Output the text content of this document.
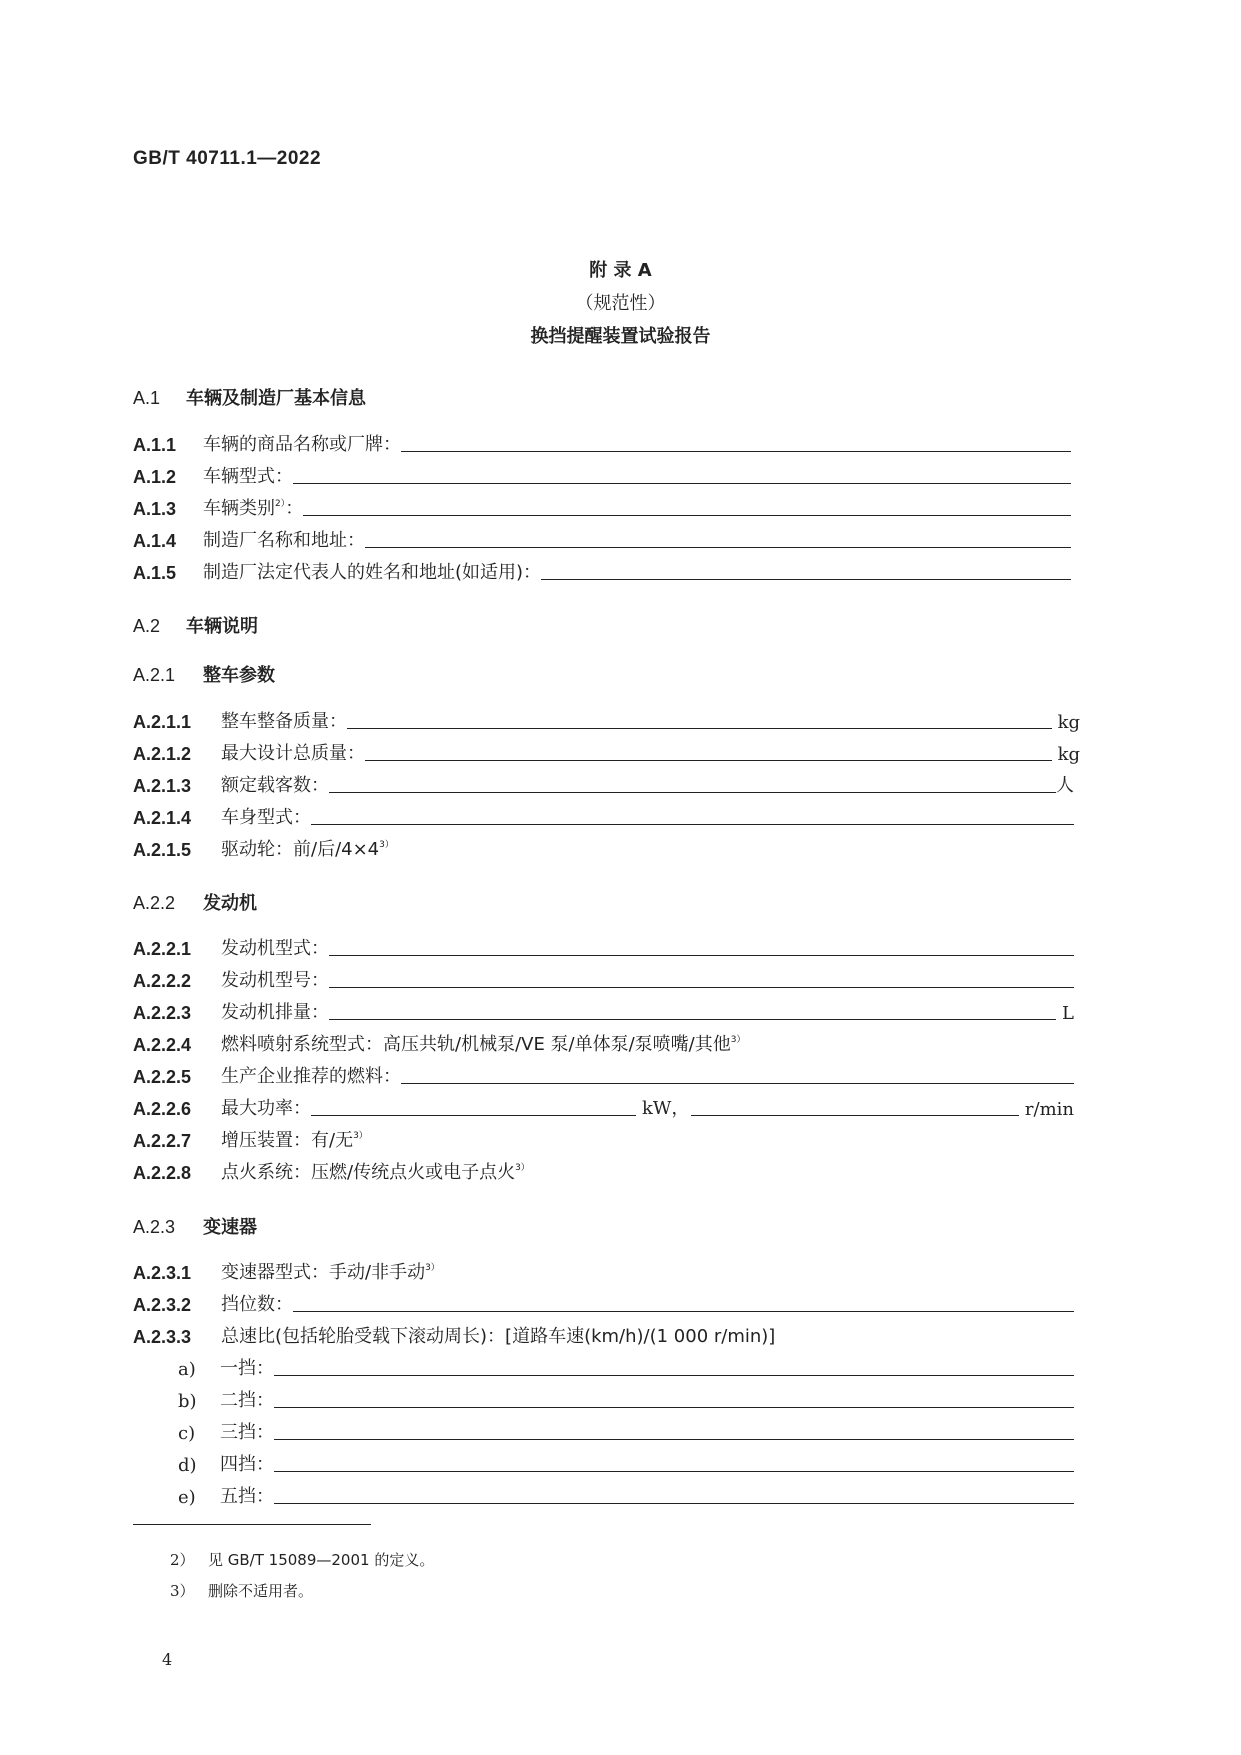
GB/T 40711.1—2022
附 录 A
（规范性）
换挡提醒装置试验报告
A.1 车辆及制造厂基本信息
A.1.1	车辆的商品名称或厂牌：
A.1.2	车辆型式：
A.1.3	车辆类别$^{2)}$：
A.1.4	制造厂名称和地址：
A.1.5	制造厂法定代表人的姓名和地址(如适用)：
A.2 车辆说明
A.2.1 整车参数
A.2.1.1	整车整备质量：	kg
A.2.1.2	最大设计总质量：	kg
A.2.1.3	额定载客数：	人
A.2.1.4	车身型式：
A.2.1.5	驱动轮：前/后$/4\times 4^{3)}$
A.2.2 发动机
A.2.2.1	发动机型式：
A.2.2.2	发动机型号：
A.2.2.3	发动机排量：	L
A.2.2.4	燃料喷射系统型式：高压共轨/机械泵/VE 泵/单体泵/泵喷嘴/其他$^{3)}$
A.2.2.5	生产企业推荐的燃料：
A.2.2.6	最大功率：	kW，	r/min
A.2.2.7	增压装置：有/无$^{3)}$
A.2.2.8	点火系统：压燃/传统点火或电子点火$^{3)}$
A.2.3 变速器
A.2.3.1	变速器型式：手动/非手动$^{3)}$
A.2.3.2	挡位数：
A.2.3.3	总速比(包括轮胎受载下滚动周长)：[道路车速(km/h)/(1 000 r/min)]
a)	一挡：
b)	二挡：
c)	三挡：
d)	四挡：
e)	五挡：
2） 见 GB/T 15089—2001 的定义。
3） 删除不适用者。
4
